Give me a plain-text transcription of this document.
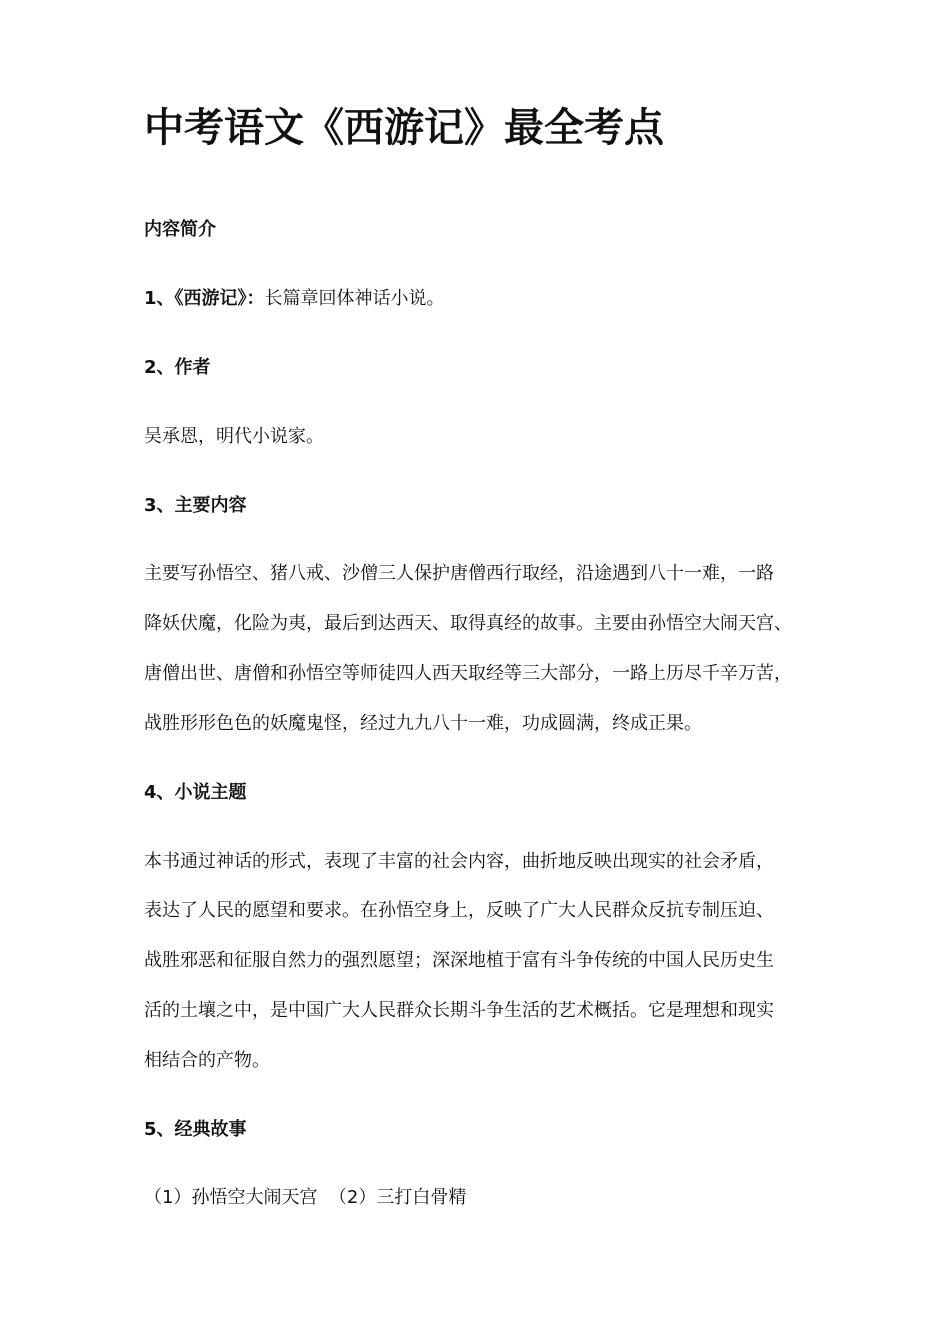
中考语文《西游记》最全考点
内容简介
1、《西游记》：长篇章回体神话小说。
2、作者
吴承恩，明代小说家。
3、主要内容
主要写孙悟空、猪八戒、沙僧三人保护唐僧西行取经，沿途遇到八十一难，一路
降妖伏魔，化险为夷，最后到达西天、取得真经的故事。主要由孙悟空大闹天宫、
唐僧出世、唐僧和孙悟空等师徒四人西天取经等三大部分，一路上历尽千辛万苦，
战胜形形色色的妖魔鬼怪，经过九九八十一难，功成圆满，终成正果。
4、小说主题
本书通过神话的形式，表现了丰富的社会内容，曲折地反映出现实的社会矛盾，
表达了人民的愿望和要求。在孙悟空身上，反映了广大人民群众反抗专制压迫、
战胜邪恶和征服自然力的强烈愿望；深深地植于富有斗争传统的中国人民历史生
活的土壤之中，是中国广大人民群众长期斗争生活的艺术概括。它是理想和现实
相结合的产物。
5、经典故事
（1）孙悟空大闹天宫  （2）三打白骨精
